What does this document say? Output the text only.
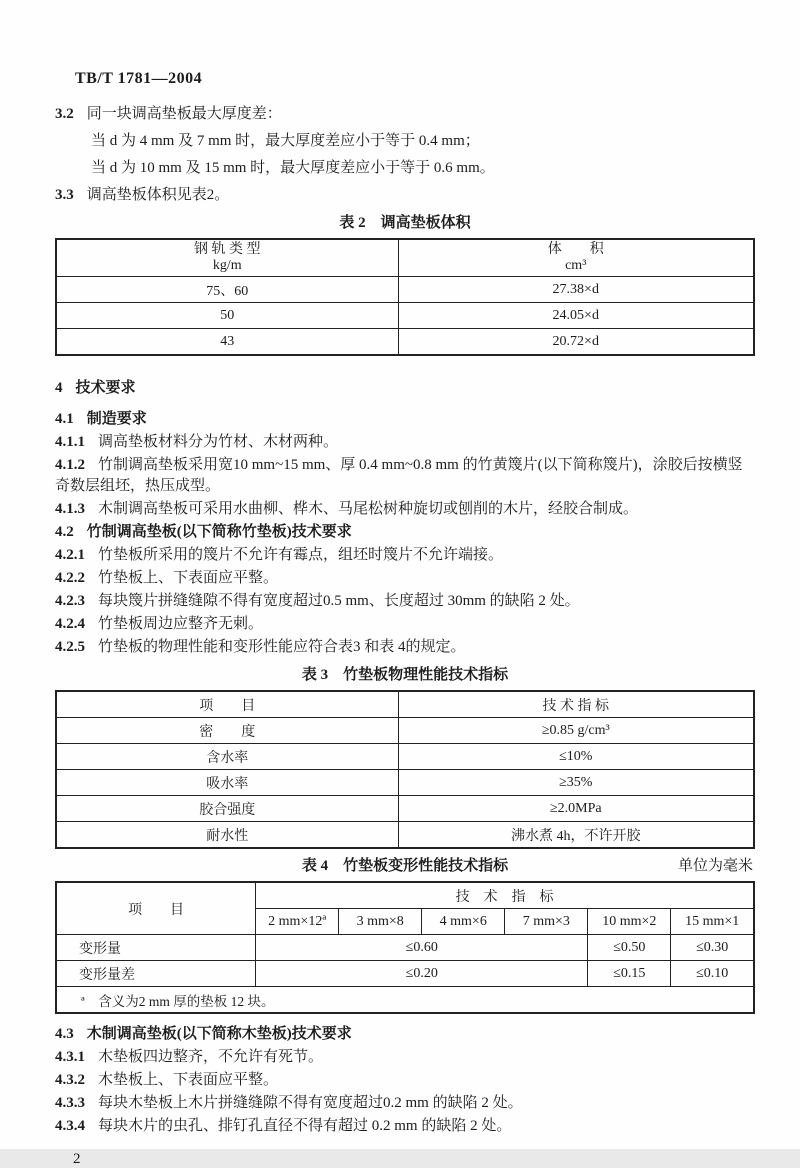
TB/T 1781—2004
3.2 同一块调高垫板最大厚度差：
当 d 为 4 mm 及 7 mm 时，最大厚度差应小于等于 0.4 mm；
当 d 为 10 mm 及 15 mm 时，最大厚度差应小于等于 0.6 mm。
3.3 调高垫板体积见表2。
表 2　调高垫板体积
钢 轨 类 型
kg/m

体　　积
cm³

75、60	27.38×d
50	24.05×d
43	20.72×d
4 技术要求
4.1 制造要求
4.1.1 调高垫板材料分为竹材、木材两种。
4.1.2 竹制调高垫板采用宽10 mm~15 mm、厚 0.4 mm~0.8 mm 的竹黄篾片(以下简称篾片)，涂胶后按横竖奇数层组坯，热压成型。
4.1.3 木制调高垫板可采用水曲柳、桦木、马尾松树种旋切或刨削的木片，经胶合制成。
4.2 竹制调高垫板(以下简称竹垫板)技术要求
4.2.1 竹垫板所采用的篾片不允许有霉点，组坯时篾片不允许端接。
4.2.2 竹垫板上、下表面应平整。
4.2.3 每块篾片拼缝缝隙不得有宽度超过0.5 mm、长度超过 30mm 的缺陷 2 处。
4.2.4 竹垫板周边应整齐无刺。
4.2.5 竹垫板的物理性能和变形性能应符合表3 和表 4的规定。
表 3　竹垫板物理性能技术指标
项　　目	技 术 指 标
密　　度	≥0.85 g/cm³
含水率	≤10%
吸水率	≥35%
胶合强度	≥2.0MPa
耐水性	沸水煮 4h，不许开胶
表 4　竹垫板变形性能技术指标	单位为毫米
项　　目	技　术　指　标					
	2 mm×12ª	3 mm×8	4 mm×6	7 mm×3	10 mm×2	15 mm×1
变形量	≤0.60				≤0.50	≤0.30
变形量差	≤0.20				≤0.15	≤0.10
ª　含义为2 mm 厚的垫板 12 块。						
4.3 木制调高垫板(以下简称木垫板)技术要求
4.3.1 木垫板四边整齐，不允许有死节。
4.3.2 木垫板上、下表面应平整。
4.3.3 每块木垫板上木片拼缝缝隙不得有宽度超过0.2 mm 的缺陷 2 处。
4.3.4 每块木片的虫孔、排钉孔直径不得有超过 0.2 mm 的缺陷 2 处。
2
